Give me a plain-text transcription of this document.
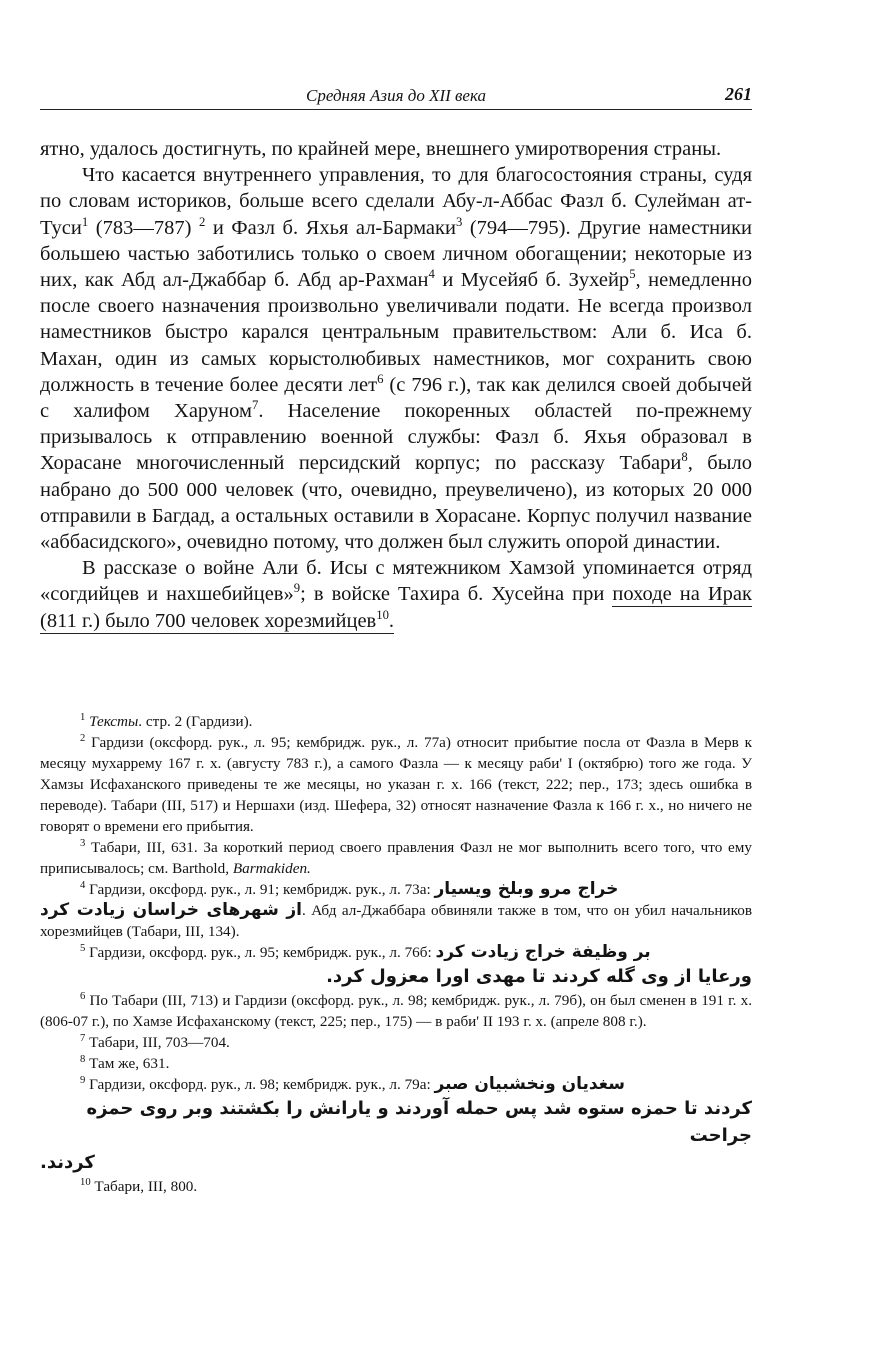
Средняя Азия до XII века	261

ятно, удалось достигнуть, по крайней мере, внешнего умиротворения страны.

Что касается внутреннего управления, то для благосостояния страны, судя по словам историков, больше всего сделали Абу-л-Аббас Фазл б. Сулейман ат-Туси$^1$ (783—787) $^2$ и Фазл б. Яхья ал-Бармаки$^3$ (794—795). Другие наместники большею частью заботились только о своем личном обогащении; некоторые из них, как Абд ал-Джаббар б. Абд ар-Рахман$^4$ и Мусейяб б. Зухейр$^5$, немедленно после своего назначения произвольно увеличивали подати. Не всегда произвол наместников быстро карался центральным правительством: Али б. Иса б. Махан, один из самых корыстолюбивых наместников, мог сохранить свою должность в течение более десяти лет$^6$ (с 796 г.), так как делился своей добычей с халифом Харуном$^7$. Население покоренных областей по-прежнему призывалось к отправлению военной службы: Фазл б. Яхья образовал в Хорасане многочисленный персидский корпус; по рассказу Табари$^8$, было набрано до 500 000 человек (что, очевидно, преувеличено), из которых 20 000 отправили в Багдад, а остальных оставили в Хорасане. Корпус получил название «аббасидского», очевидно потому, что должен был служить опорой династии.

В рассказе о войне Али б. Исы с мятежником Хамзой упоминается отряд «согдийцев и нахшебийцев»$^9$; в войске Тахира б. Хусейна при походе на Ирак (811 г.) было 700 человек хорезмийцев$^{10}$.

$^1$ Тексты. стр. 2 (Гардизи).

$^2$ Гардизи (оксфорд. рук., л. 95; кембридж. рук., л. 77а) относит прибытие посла от Фазла в Мерв к месяцу мухаррему 167 г. х. (августу 783 г.), а самого Фазла — к месяцу раби' I (октябрю) того же года. У Хамзы Исфаханского приведены те же месяцы, но указан г. х. 166 (текст, 222; пер., 173; здесь ошибка в переводе). Табари (III, 517) и Нершахи (изд. Шефера, 32) относят назначение Фазла к 166 г. х., но ничего не говорят о времени его прибытия.

$^3$ Табари, III, 631. За короткий период своего правления Фазл не мог выполнить всего того, что ему приписывалось; см. Barthold, Barmakiden.

$^4$ Гардизи, оксфорд. рук., л. 91; кембридж. рук., л. 73а: خراج مرو وبلخ ويسيار

از شهرهای خراسان زیادت کرد. Абд ал-Джаббара обвиняли также в том, что он убил начальников хорезмийцев (Табари, III, 134).

$^5$ Гардизи, оксфорд. рук., л. 95; кембридж. рук., л. 76б: بر وظيفة خراج زيادت كرد

ورعايا از وی گله كردند تا مهدی اورا معزول كرد.

$^6$ По Табари (III, 713) и Гардизи (оксфорд. рук., л. 98; кембридж. рук., л. 79б), он был сменен в 191 г. х. (806-07 г.), по Хамзе Исфаханскому (текст, 225; пер., 175) — в раби' II 193 г. х. (апреле 808 г.).

$^7$ Табари, III, 703—704.

$^8$ Там же, 631.

$^9$ Гардизи, оксфорд. рук., л. 98; кембридж. рук., л. 79а: سغديان ونخشبيان صبر

كردند تا حمزه ستوه شد پس حمله آوردند و يارانش را بكشتند وبر روى حمزه جراحت
كردند.

$^{10}$ Табари, III, 800.
